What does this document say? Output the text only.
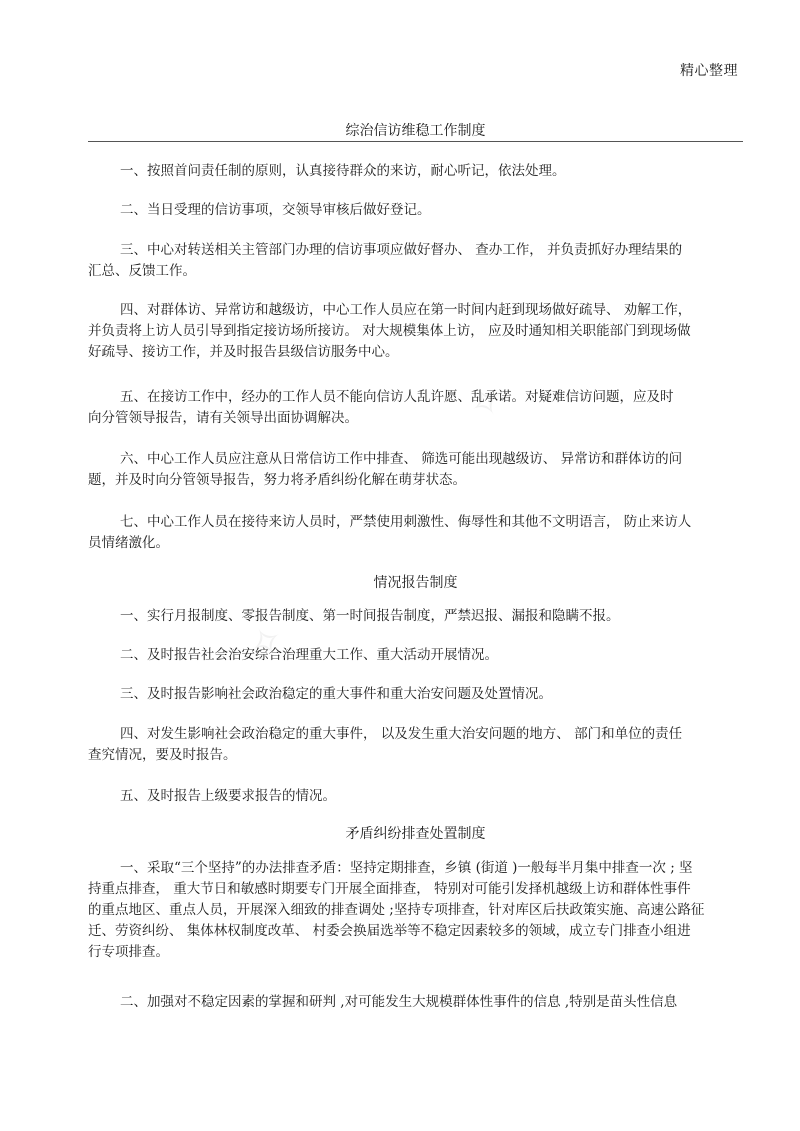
✧
✧
精心整理
综治信访维稳工作制度
一、按照首问责任制的原则，认真接待群众的来访，耐心听记，依法处理。
二、当日受理的信访事项，交领导审核后做好登记。
三、中心对转送相关主管部门办理的信访事项应做好督办、 查办工作， 并负责抓好办理结果的
汇总、反馈工作。
四、对群体访、异常访和越级访，中心工作人员应在第一时间内赶到现场做好疏导、 劝解工作，
并负责将上访人员引导到指定接访场所接访。 对大规模集体上访， 应及时通知相关职能部门到现场做
好疏导、接访工作，并及时报告县级信访服务中心。
五、在接访工作中，经办的工作人员不能向信访人乱许愿、乱承诺。对疑难信访问题，应及时
向分管领导报告，请有关领导出面协调解决。
六、中心工作人员应注意从日常信访工作中排查、 筛选可能出现越级访、 异常访和群体访的问
题，并及时向分管领导报告，努力将矛盾纠纷化解在萌芽状态。
七、中心工作人员在接待来访人员时，严禁使用刺激性、侮辱性和其他不文明语言， 防止来访人
员情绪激化。
情况报告制度
一、实行月报制度、零报告制度、第一时间报告制度，严禁迟报、漏报和隐瞒不报。
二、及时报告社会治安综合治理重大工作、重大活动开展情况。
三、及时报告影响社会政治稳定的重大事件和重大治安问题及处置情况。
四、对发生影响社会政治稳定的重大事件， 以及发生重大治安问题的地方、 部门和单位的责任
查究情况，要及时报告。
五、及时报告上级要求报告的情况。
矛盾纠纷排查处置制度
一、采取“三个坚持”的办法排查矛盾：坚持定期排查，乡镇 (街道 )一般每半月集中排查一次 ; 坚
持重点排查， 重大节日和敏感时期要专门开展全面排查， 特别对可能引发择机越级上访和群体性事件
的重点地区、重点人员，开展深入细致的排查调处 ;坚持专项排查，针对库区后扶政策实施、高速公路征
迁、劳资纠纷、 集体林权制度改革、 村委会换届选举等不稳定因素较多的领域，成立专门排查小组进
行专项排查。
二、加强对不稳定因素的掌握和研判 ,对可能发生大规模群体性事件的信息 ,特别是苗头性信息
